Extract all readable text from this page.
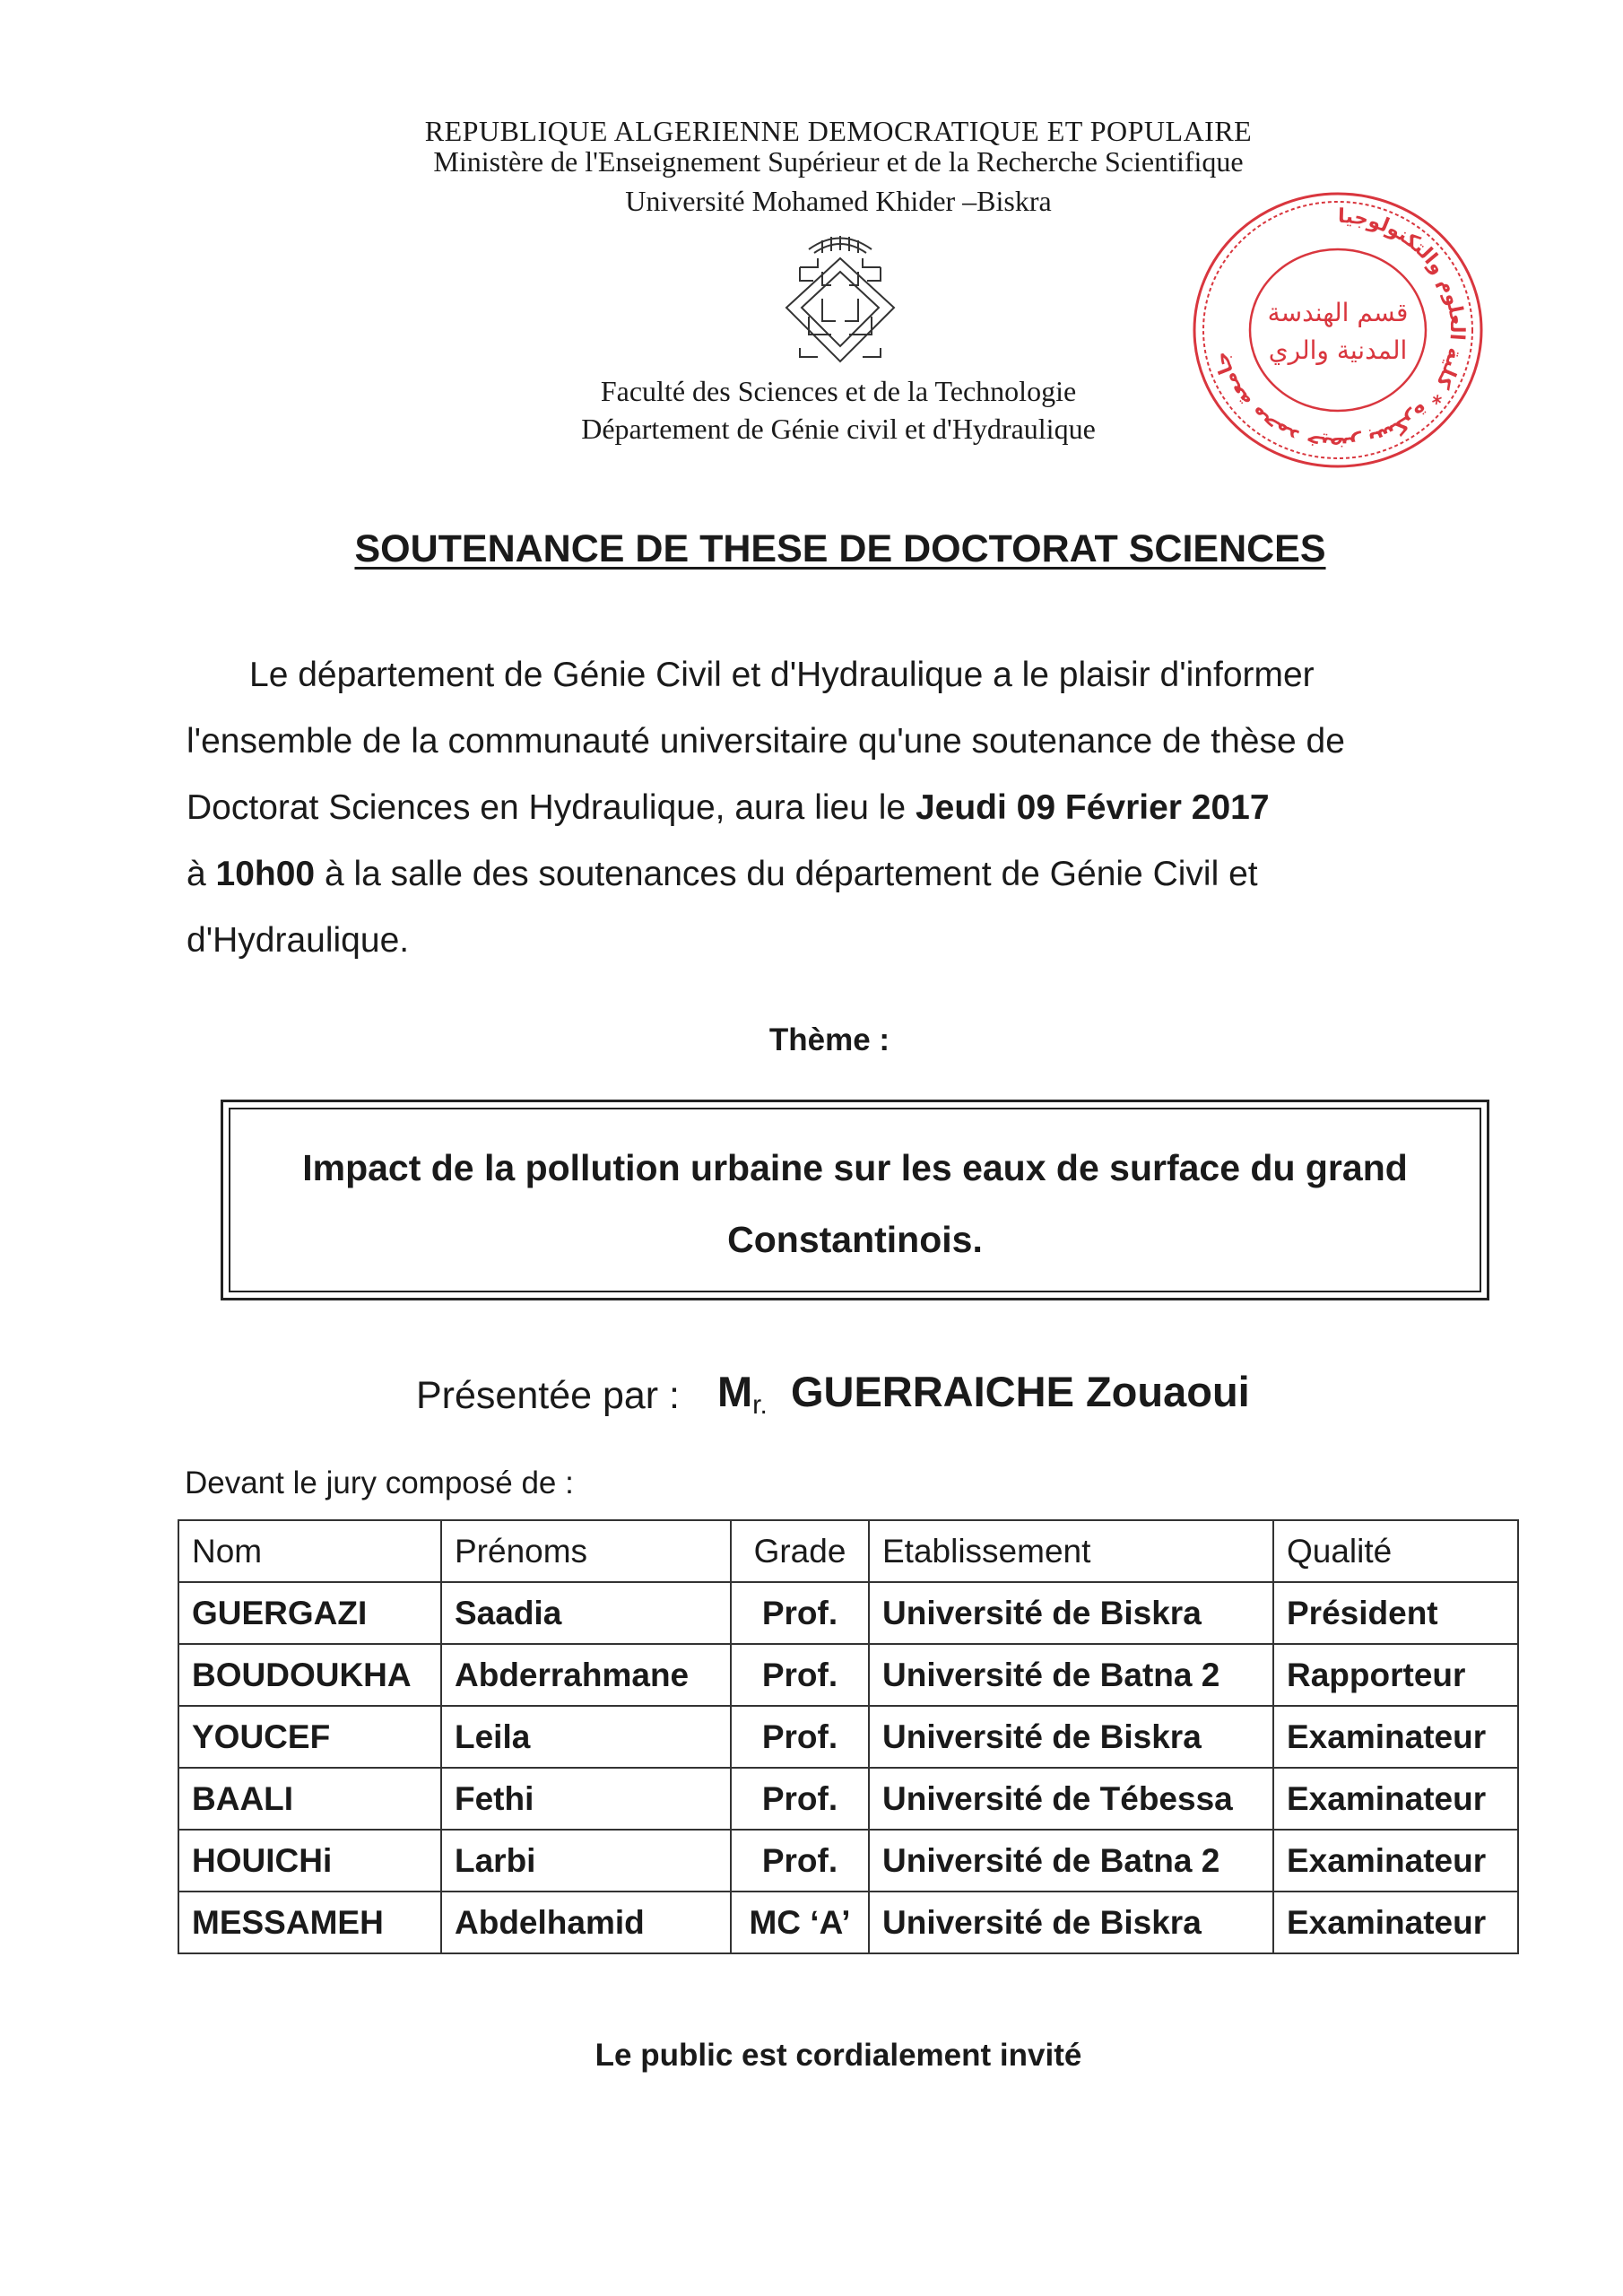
REPUBLIQUE ALGERIENNE DEMOCRATIQUE ET POPULAIRE
Ministère de l'Enseignement Supérieur et de la Recherche Scientifique
Université Mohamed Khider –Biskra
Faculté des Sciences et de la Technologie
Département de Génie civil et d'Hydraulique
جامعة محمد خيضر بسكرة * كلية العلوم والتكنولوجيا
قسم الهندسة
المدنية والري
SOUTENANCE DE THESE DE DOCTORAT SCIENCES
Le département de Génie Civil et d'Hydraulique a le plaisir d'informer l'ensemble de la communauté universitaire qu'une soutenance de thèse de Doctorat Sciences en Hydraulique, aura lieu le Jeudi 09 Février 2017
à 10h00 à la salle des soutenances du département de Génie Civil et d'Hydraulique.
Thème :
Impact de la pollution urbaine sur les eaux de surface du grand Constantinois.
Présentée par : $M_{r.}$ GUERRAICHE Zouaoui
Devant le jury composé de :
Nom	Prénoms	Grade	Etablissement	Qualité
GUERGAZI	Saadia	Prof.	Université de Biskra	Président
BOUDOUKHA	Abderrahmane	Prof.	Université de Batna 2	Rapporteur
YOUCEF	Leila	Prof.	Université de Biskra	Examinateur
BAALI	Fethi	Prof.	Université de Tébessa	Examinateur
HOUICHi	Larbi	Prof.	Université de Batna 2	Examinateur
MESSAMEH	Abdelhamid	MC ‘A’	Université de Biskra	Examinateur
Le public est cordialement invité
